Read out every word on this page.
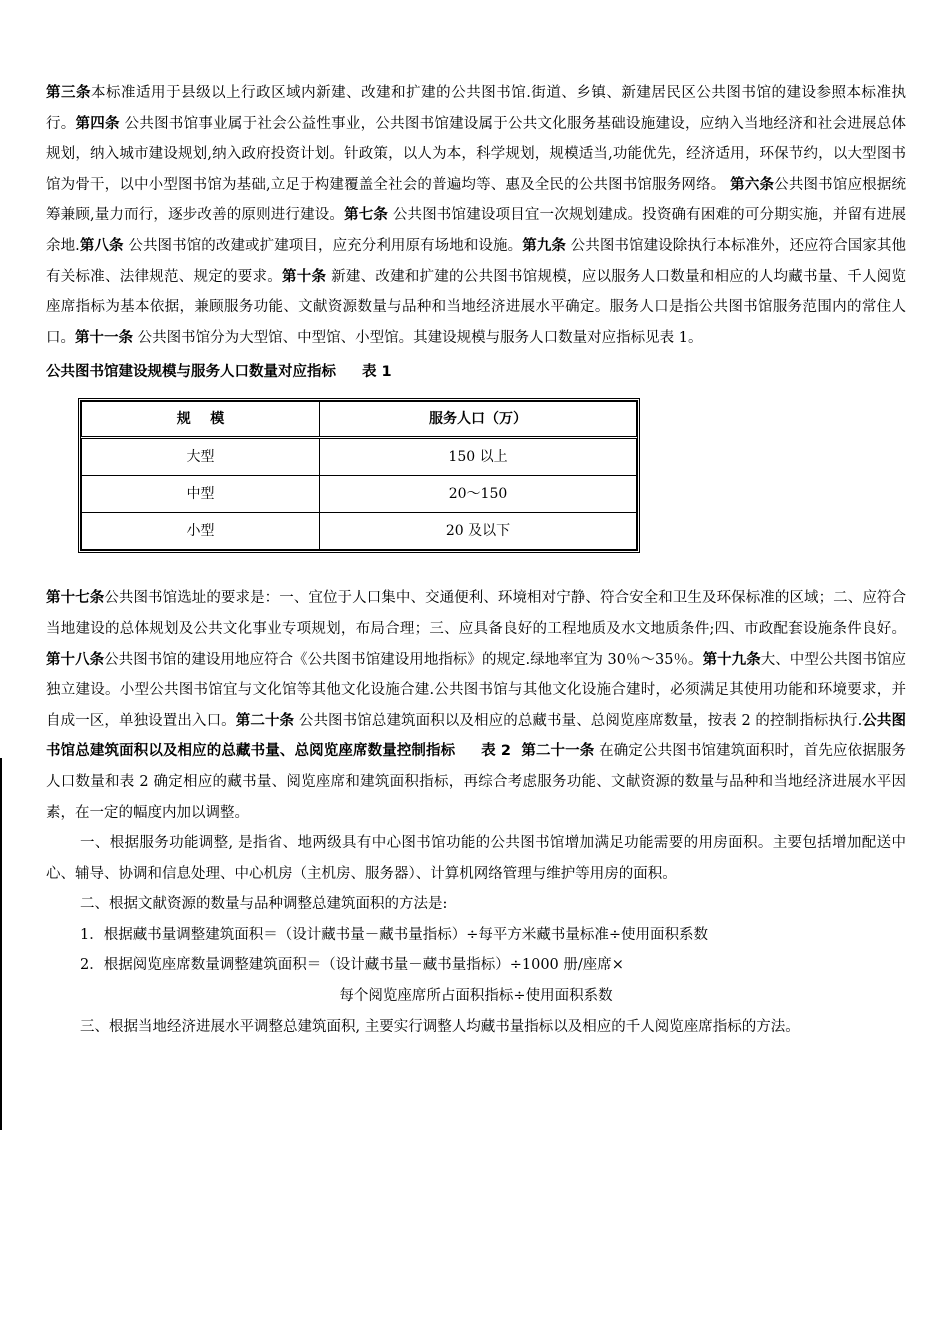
第三条本标准适用于县级以上行政区域内新建、改建和扩建的公共图书馆.街道、乡镇、新建居民区公共图书馆的建设参照本标准执行。第四条 公共图书馆事业属于社会公益性事业，公共图书馆建设属于公共文化服务基础设施建设，应纳入当地经济和社会进展总体规划，纳入城市建设规划,纳入政府投资计划。针政策，以人为本，科学规划，规模适当,功能优先，经济适用，环保节约，以大型图书馆为骨干，以中小型图书馆为基础,立足于构建覆盖全社会的普遍均等、惠及全民的公共图书馆服务网络。 第六条公共图书馆应根据统筹兼顾,量力而行，逐步改善的原则进行建设。第七条 公共图书馆建设项目宜一次规划建成。投资确有困难的可分期实施，并留有进展余地.第八条 公共图书馆的改建或扩建项目，应充分利用原有场地和设施。第九条 公共图书馆建设除执行本标准外，还应符合国家其他有关标准、法律规范、规定的要求。第十条 新建、改建和扩建的公共图书馆规模，应以服务人口数量和相应的人均藏书量、千人阅览座席指标为基本依据，兼顾服务功能、文献资源数量与品种和当地经济进展水平确定。服务人口是指公共图书馆服务范围内的常住人口。第十一条 公共图书馆分为大型馆、中型馆、小型馆。其建设规模与服务人口数量对应指标见表 1。

公共图书馆建设规模与服务人口数量对应指标 表 1
规    模	服务人口（万）
大型	150 以上
中型	20～150
小型	20 及以下

第十七条公共图书馆选址的要求是：一、宜位于人口集中、交通便利、环境相对宁静、符合安全和卫生及环保标准的区域；二、应符合当地建设的总体规划及公共文化事业专项规划，布局合理；三、应具备良好的工程地质及水文地质条件;四、市政配套设施条件良好。第十八条公共图书馆的建设用地应符合《公共图书馆建设用地指标》的规定.绿地率宜为 30％～35％。第十九条大、中型公共图书馆应独立建设。小型公共图书馆宜与文化馆等其他文化设施合建.公共图书馆与其他文化设施合建时，必须满足其使用功能和环境要求，并自成一区，单独设置出入口。第二十条 公共图书馆总建筑面积以及相应的总藏书量、总阅览座席数量，按表 2 的控制指标执行.公共图书馆总建筑面积以及相应的总藏书量、总阅览座席数量控制指标     表 2  第二十一条 在确定公共图书馆建筑面积时，首先应依据服务人口数量和表 2 确定相应的藏书量、阅览座席和建筑面积指标，再综合考虑服务功能、文献资源的数量与品种和当地经济进展水平因素，在一定的幅度内加以调整。

一、根据服务功能调整, 是指省、地两级具有中心图书馆功能的公共图书馆增加满足功能需要的用房面积。主要包括增加配送中心、辅导、协调和信息处理、中心机房（主机房、服务器）、计算机网络管理与维护等用房的面积。

二、根据文献资源的数量与品种调整总建筑面积的方法是:

1．根据藏书量调整建筑面积＝（设计藏书量－藏书量指标）÷每平方米藏书量标准÷使用面积系数

2．根据阅览座席数量调整建筑面积＝（设计藏书量－藏书量指标）÷1000 册/座席×

每个阅览座席所占面积指标÷使用面积系数

三、根据当地经济进展水平调整总建筑面积, 主要实行调整人均藏书量指标以及相应的千人阅览座席指标的方法。
